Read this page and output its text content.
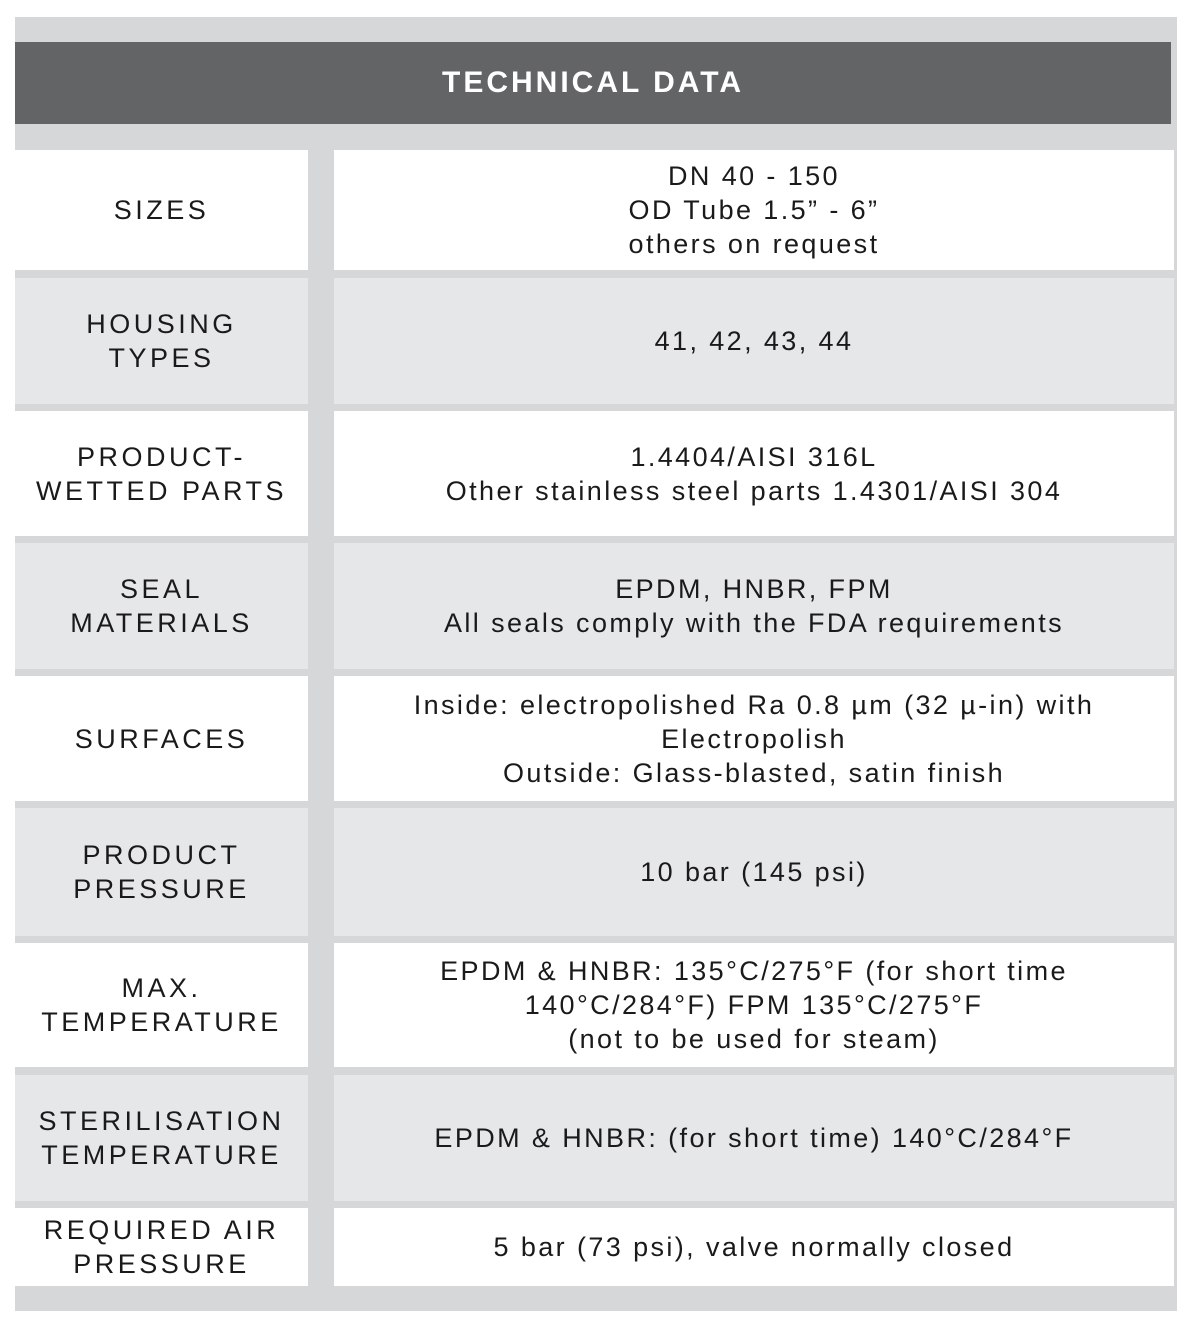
TECHNICAL DATA
SIZES
DN 40 - 150
OD Tube 1.5” - 6”
others on request
HOUSING
TYPES
41, 42, 43, 44
PRODUCT-
WETTED PARTS
1.4404/AISI 316L
Other stainless steel parts 1.4301/AISI 304
SEAL
MATERIALS
EPDM, HNBR, FPM
All seals comply with the FDA requirements
SURFACES
Inside: electropolished Ra 0.8 µm (32 µ-in) with
Electropolish
Outside: Glass-blasted, satin finish
PRODUCT
PRESSURE
10 bar (145 psi)
MAX.
TEMPERATURE
EPDM & HNBR: 135°C/275°F (for short time
140°C/284°F) FPM 135°C/275°F
(not to be used for steam)
STERILISATION
TEMPERATURE
EPDM & HNBR: (for short time) 140°C/284°F
REQUIRED AIR
PRESSURE
5 bar (73 psi), valve normally closed
